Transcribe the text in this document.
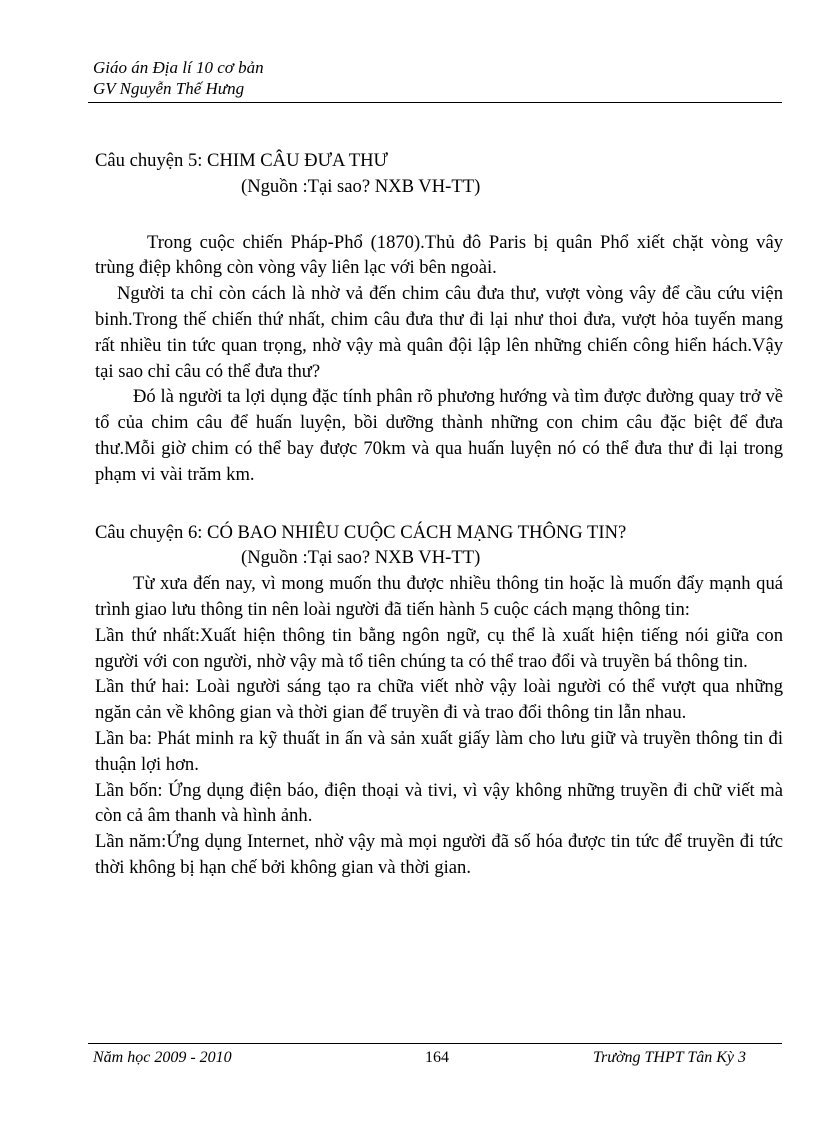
Giáo án Địa lí 10 cơ bản
GV Nguyễn Thế Hưng
Câu chuyện 5: CHIM CÂU ĐƯA THƯ
(Nguồn :Tại sao? NXB VH-TT)

Trong cuộc chiến Pháp-Phổ (1870).Thủ đô Paris bị quân Phổ xiết chặt vòng vây trùng điệp không còn vòng vây liên lạc với bên ngoài.

Người ta chỉ còn cách là nhờ vả đến chim câu đưa thư, vượt vòng vây để cầu cứu viện binh.Trong thế chiến thứ nhất, chim câu đưa thư đi lại như thoi đưa, vượt hỏa tuyến mang rất nhiều tin tức quan trọng, nhờ vậy mà quân đội lập lên những chiến công hiển hách.Vậy tại sao chỉ câu có thể đưa thư?

Đó là người ta lợi dụng đặc tính phân rõ phương hướng và tìm được đường quay trở về tổ của chim câu để huấn luyện, bồi dưỡng thành những con chim câu đặc biệt để đưa thư.Mỗi giờ chim có thể bay được 70km và qua huấn luyện nó có thể đưa thư đi lại trong phạm vi vài trăm km.

Câu chuyện 6: CÓ BAO NHIÊU CUỘC CÁCH MẠNG THÔNG TIN?
(Nguồn :Tại sao? NXB VH-TT)

Từ xưa đến nay, vì mong muốn thu được nhiều thông tin hoặc là muốn đẩy mạnh quá trình giao lưu thông tin nên loài người đã tiến hành 5 cuộc cách mạng thông tin:

Lần thứ nhất:Xuất hiện thông tin bằng ngôn ngữ, cụ thể là xuất hiện tiếng nói giữa con người với con người, nhờ vậy mà tổ tiên chúng ta có thể trao đổi và truyền bá thông tin.

Lần thứ hai: Loài người sáng tạo ra chữa viết nhờ vậy loài người có thể vượt qua những ngăn cản về không gian và thời gian để truyền đi và trao đổi thông tin lẫn nhau.

Lần ba: Phát minh ra kỹ thuất in ấn và sản xuất giấy làm cho lưu giữ và truyền thông tin đi thuận lợi hơn.

Lần bốn: Ứng dụng điện báo, điện thoại và tivi, vì vậy không những truyền đi chữ viết mà còn cả âm thanh và hình ảnh.

Lần năm:Ứng dụng Internet, nhờ vậy mà mọi người đã số hóa được tin tức để truyền đi tức thời không bị hạn chế bởi không gian và thời gian.

Năm học 2009 - 2010	164	Trường THPT Tân Kỳ 3
